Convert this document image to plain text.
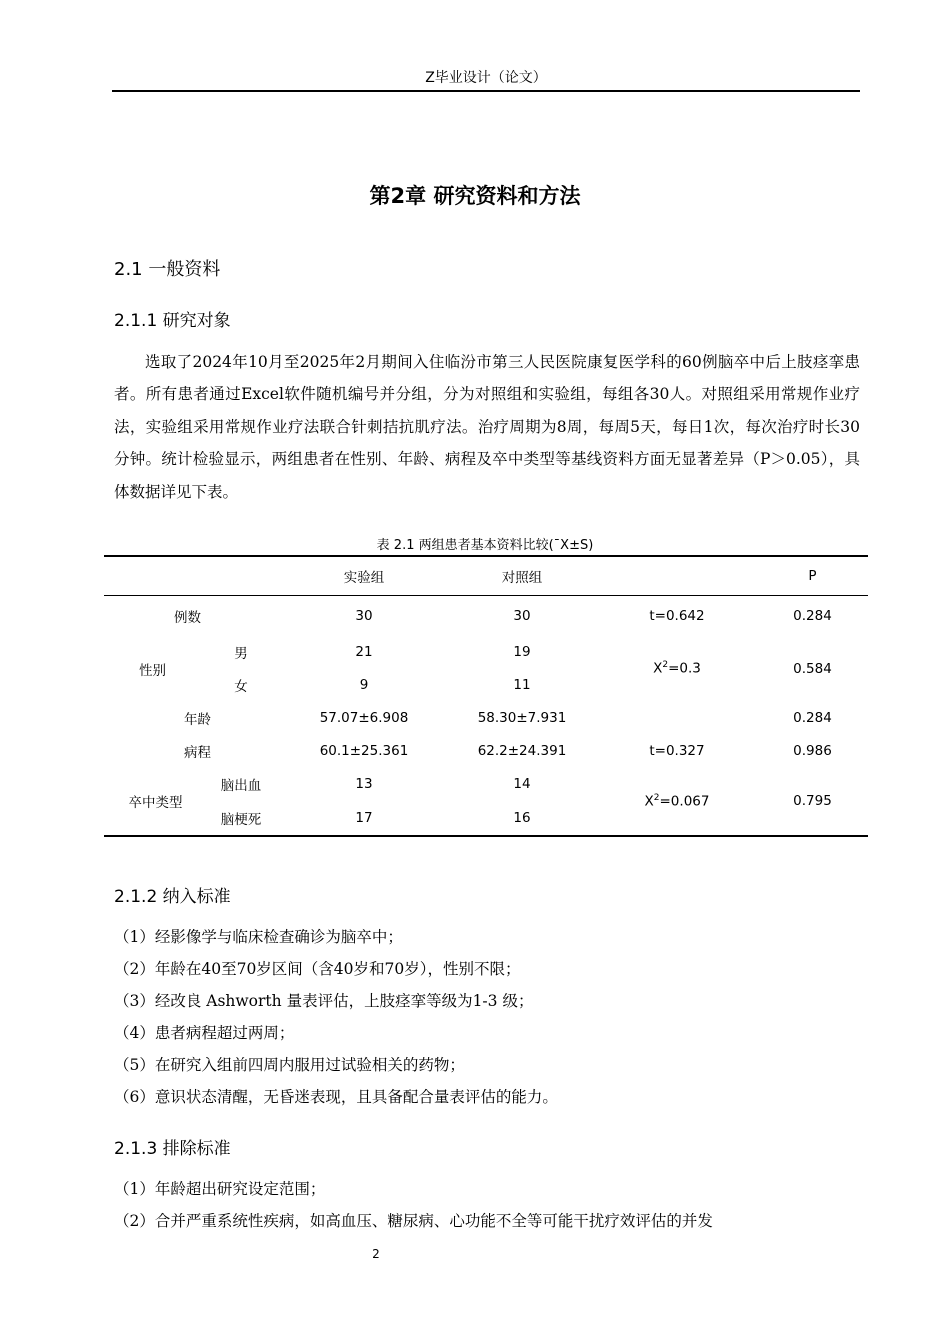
Z毕业设计（论文）
第2章 研究资料和方法
2.1 一般资料
2.1.1 研究对象

选取了2024年10月至2025年2月期间入住临汾市第三人民医院康复医学科的60例脑卒中后上肢痉挛患者。所有患者通过Excel软件随机编号并分组，分为对照组和实验组，每组各30人。对照组采用常规作业疗法，实验组采用常规作业疗法联合针刺拮抗肌疗法。治疗周期为8周，每周5天，每日1次，每次治疗时长30分钟。统计检验显示，两组患者在性别、年龄、病程及卒中类型等基线资料方面无显著差异（P＞0.05），具体数据详见下表。

表 2.1 两组患者基本资料比较(¯X±S)
		实验组	对照组		P
例数		30	30	t=0.642	0.284
性别	男	21	19	$X^2=0.3$	0.584
	女	9	11		
年龄		57.07±6.908	58.30±7.931		0.284
病程		60.1±25.361	62.2±24.391	t=0.327	0.986
卒中类型	脑出血	13	14	$X^2=0.067$	0.795
	脑梗死	17	16		
2.1.2 纳入标准
（1）经影像学与临床检查确诊为脑卒中；
（2）年龄在40至70岁区间（含40岁和70岁），性别不限；
（3）经改良 Ashworth 量表评估，上肢痉挛等级为1-3 级；
（4）患者病程超过两周；
（5）在研究入组前四周内服用过试验相关的药物；
（6）意识状态清醒，无昏迷表现，且具备配合量表评估的能力。
2.1.3 排除标准
（1）年龄超出研究设定范围；
（2）合并严重系统性疾病，如高血压、糖尿病、心功能不全等可能干扰疗效评估的并发
2
